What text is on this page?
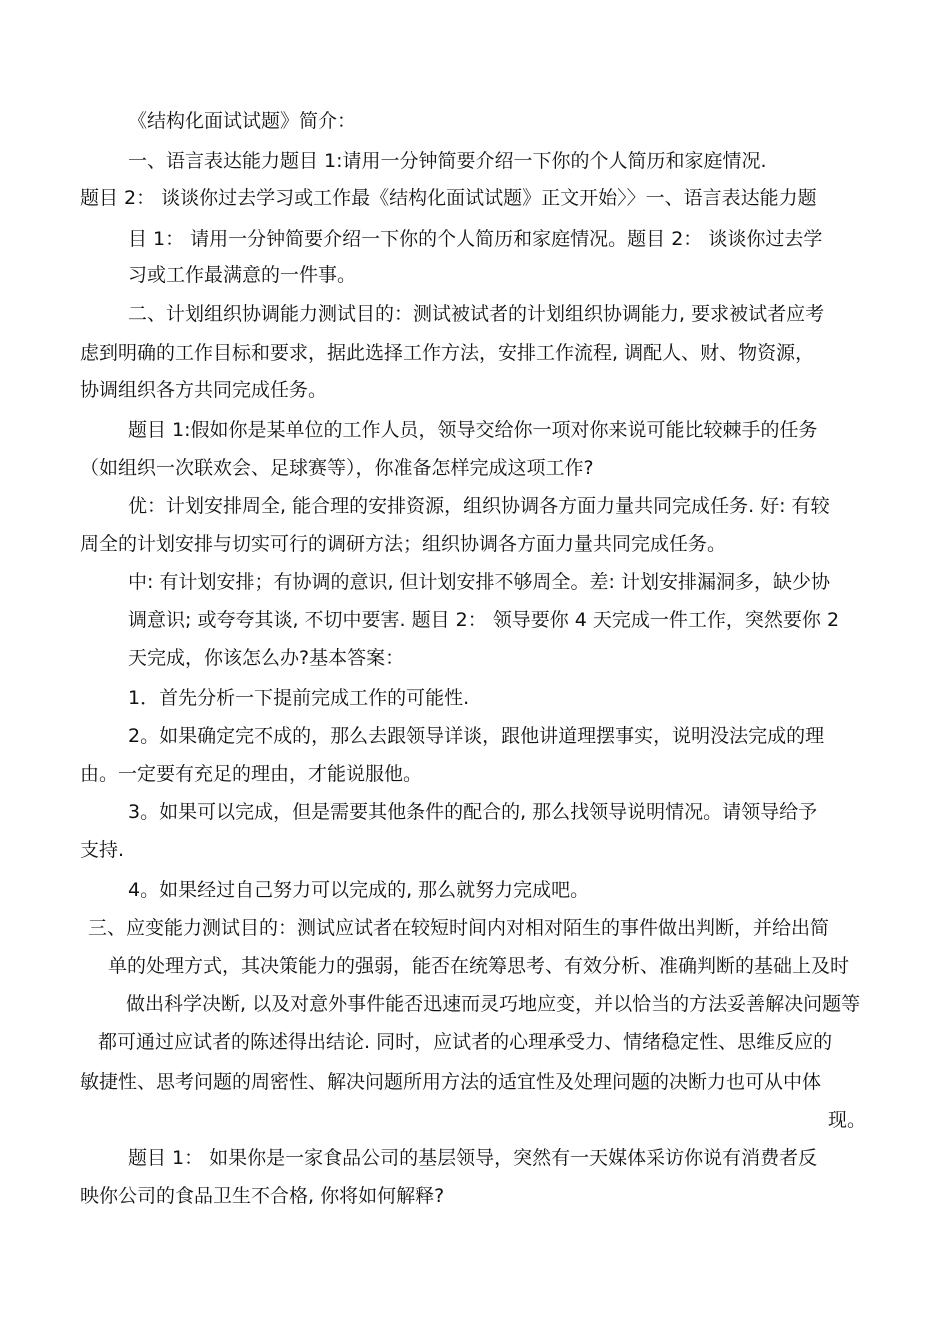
《结构化面试试题》简介：
一、语言表达能力题目 1:请用一分钟简要介绍一下你的个人简历和家庭情况.
题目 2： 谈谈你过去学习或工作最《结构化面试试题》正文开始〉〉一、语言表达能力题
目 1： 请用一分钟简要介绍一下你的个人简历和家庭情况。题目 2： 谈谈你过去学
习或工作最满意的一件事。
二、计划组织协调能力测试目的：测试被试者的计划组织协调能力, 要求被试者应考
虑到明确的工作目标和要求，据此选择工作方法，安排工作流程, 调配人、财、物资源，
协调组织各方共同完成任务。
题目 1:假如你是某单位的工作人员，领导交给你一项对你来说可能比较棘手的任务
（如组织一次联欢会、足球赛等），你准备怎样完成这项工作?
优：计划安排周全, 能合理的安排资源，组织协调各方面力量共同完成任务. 好: 有较
周全的计划安排与切实可行的调研方法；组织协调各方面力量共同完成任务。
中: 有计划安排；有协调的意识, 但计划安排不够周全。差: 计划安排漏洞多，缺少协
调意识; 或夸夸其谈, 不切中要害. 题目 2： 领导要你 4 天完成一件工作，突然要你 2
天完成，你该怎么办?基本答案：
1．首先分析一下提前完成工作的可能性.
2。如果确定完不成的，那么去跟领导详谈，跟他讲道理摆事实，说明没法完成的理
由。一定要有充足的理由，才能说服他。
3。如果可以完成，但是需要其他条件的配合的, 那么找领导说明情况。请领导给予
支持.
4。如果经过自己努力可以完成的, 那么就努力完成吧。
三、应变能力测试目的：测试应试者在较短时间内对相对陌生的事件做出判断，并给出简
单的处理方式，其决策能力的强弱，能否在统筹思考、有效分析、准确判断的基础上及时
做出科学决断, 以及对意外事件能否迅速而灵巧地应变，并以恰当的方法妥善解决问题等
都可通过应试者的陈述得出结论. 同时，应试者的心理承受力、情绪稳定性、思维反应的
敏捷性、思考问题的周密性、解决问题所用方法的适宜性及处理问题的决断力也可从中体
现。
题目 1： 如果你是一家食品公司的基层领导，突然有一天媒体采访你说有消费者反
映你公司的食品卫生不合格, 你将如何解释?
